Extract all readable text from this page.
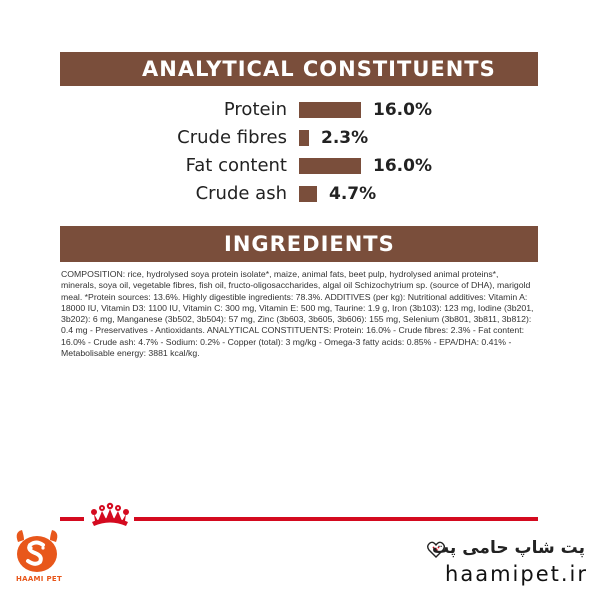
ANALYTICAL CONSTITUENTS
Protein	16.0%
Crude fibres 2.3%
Fat content	16.0%
Crude ash 4.7%
INGREDIENTS

COMPOSITION: rice, hydrolysed soya protein isolate*, maize, animal fats, beet pulp, hydrolysed animal proteins*, minerals, soya oil, vegetable fibres, fish oil, fructo-oligosaccharides, algal oil Schizochytrium sp. (source of DHA), marigold meal. *Protein sources: 13.6%. Highly digestible ingredients: 78.3%. ADDITIVES (per kg): Nutritional additives: Vitamin A: 18000 IU, Vitamin D3: 1100 IU, Vitamin C: 300 mg, Vitamin E: 500 mg, Taurine: 1.9 g, Iron (3b103): 123 mg, Iodine (3b201, 3b202): 6 mg, Manganese (3b502, 3b504): 57 mg, Zinc (3b603, 3b605, 3b606): 155 mg, Selenium (3b801, 3b811, 3b812): 0.4 mg - Preservatives - Antioxidants. ANALYTICAL CONSTITUENTS: Protein: 16.0% - Crude fibres: 2.3% - Fat content: 16.0% - Crude ash: 4.7% - Sodium: 0.2% - Copper (total): 3 mg/kg - Omega-3 fatty acids: 0.85% - EPA/DHA: 0.41% - Metabolisable energy: 3881 kcal/kg.

HAAMI PET
پت شاپ حامی پت
haamipet.ir
